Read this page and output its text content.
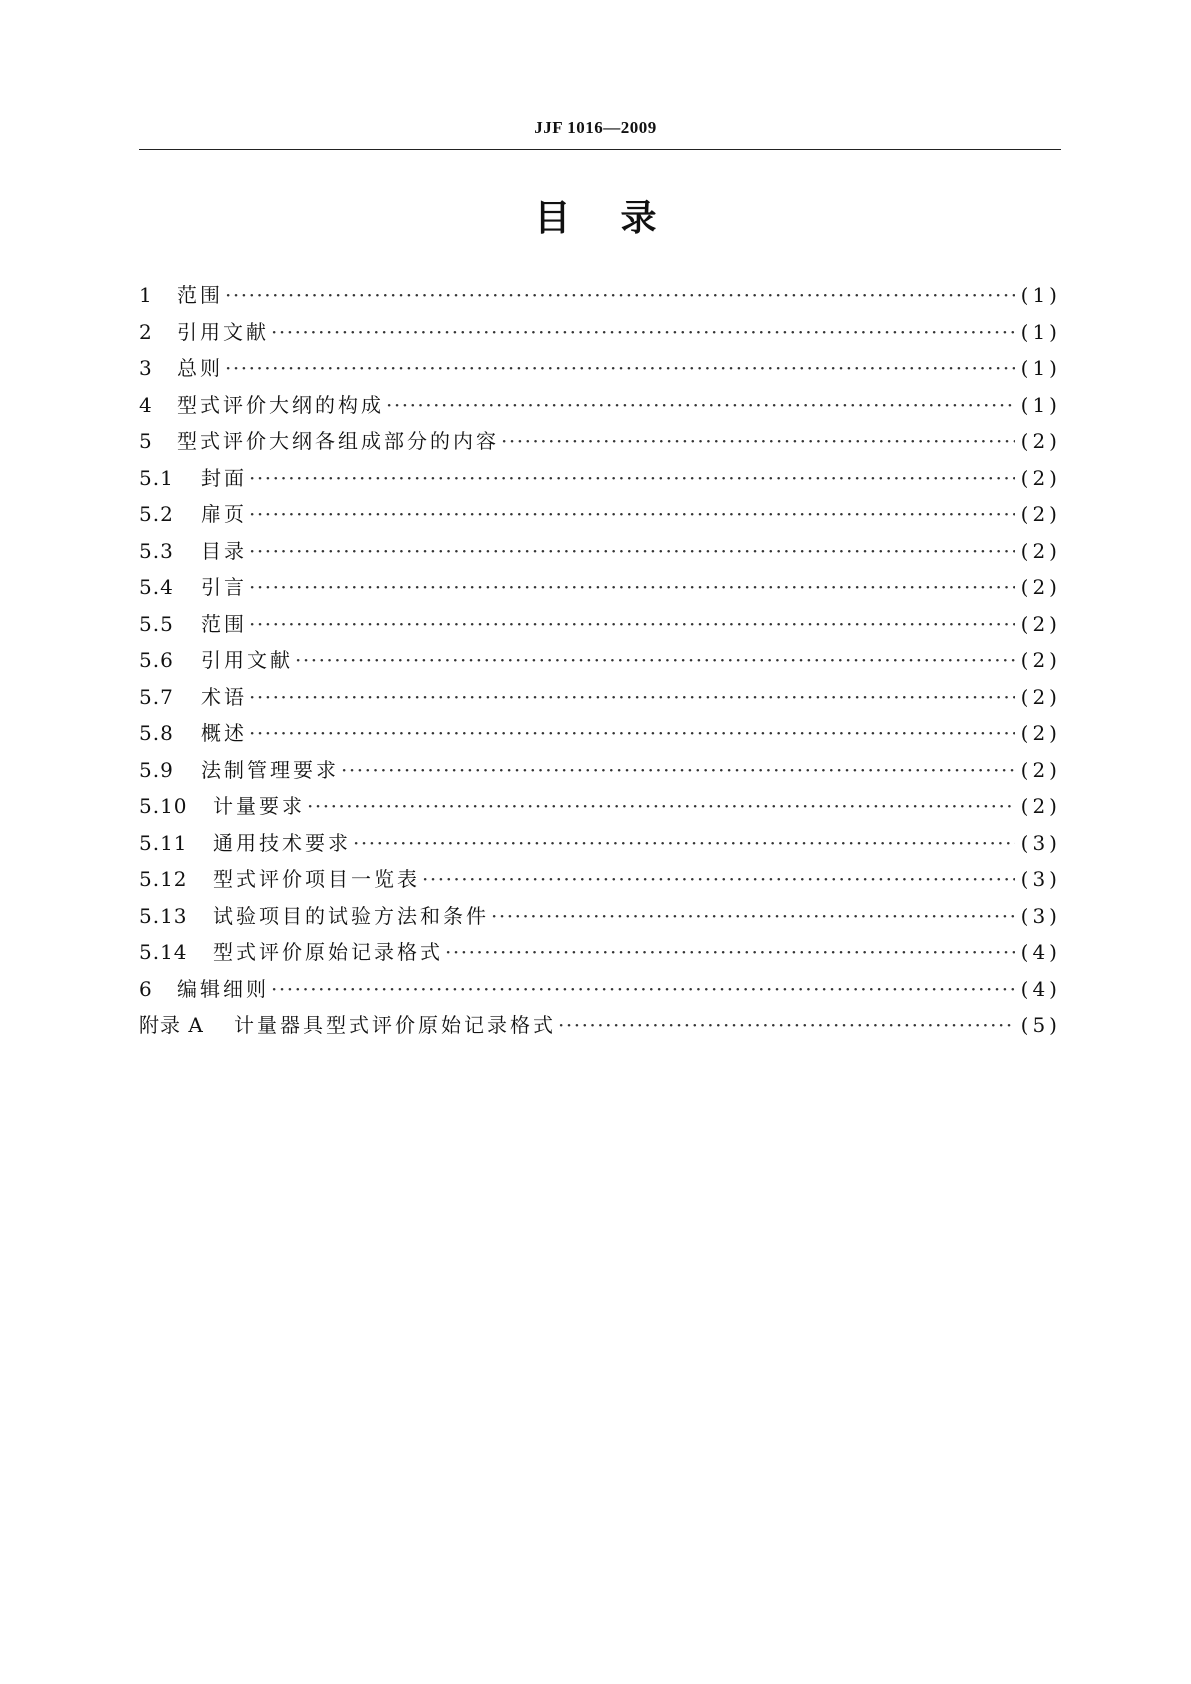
JJF 1016—2009
目    录
1	范围 ·····	(1)
2	引用文献 ·····	(1)
3	总则 ·····	(1)
4	型式评价大纲的构成 ·····	(1)
5	型式评价大纲各组成部分的内容 ·····	(2)
5.1	封面 ·····	(2)
5.2	扉页 ·····	(2)
5.3	目录 ·····	(2)
5.4	引言 ·····	(2)
5.5	范围 ·····	(2)
5.6	引用文献 ·····	(2)
5.7	术语 ·····	(2)
5.8	概述 ·····	(2)
5.9	法制管理要求 ·····	(2)
5.10	计量要求 ·····	(2)
5.11	通用技术要求 ·····	(3)
5.12	型式评价项目一览表 ·····	(3)
5.13	试验项目的试验方法和条件 ·····	(3)
5.14	型式评价原始记录格式 ·····	(4)
6	编辑细则 ·····	(4)
附录 A	计量器具型式评价原始记录格式 ·····	(5)
